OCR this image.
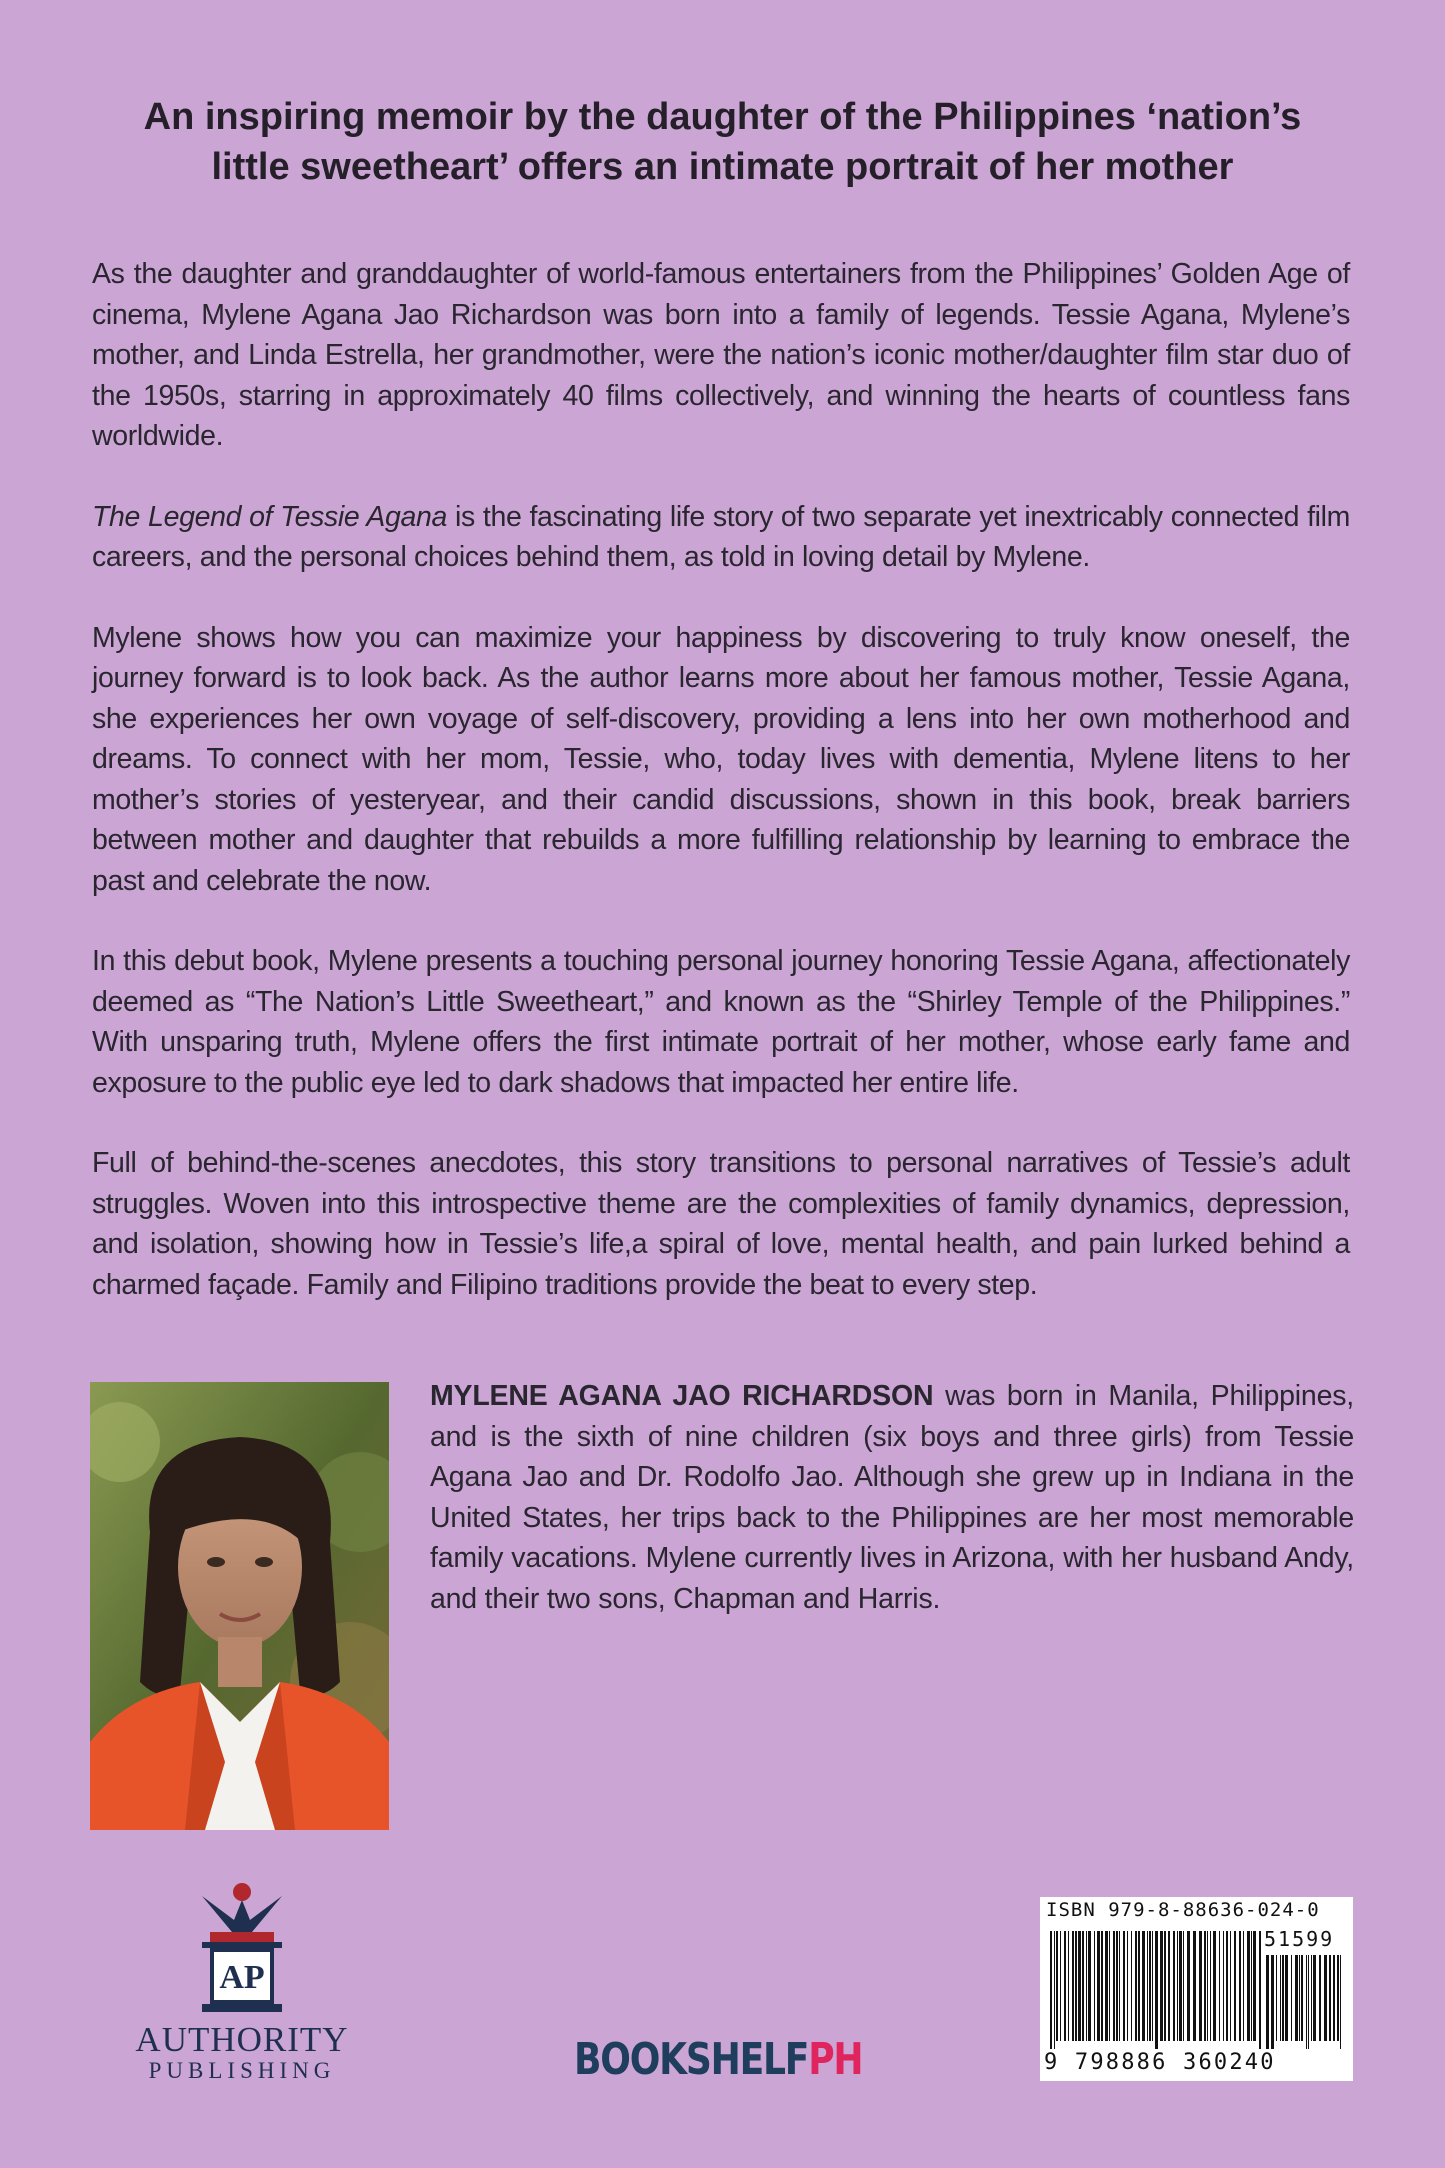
An inspiring memoir by the daughter of the Philippines ‘nation’s
little sweetheart’ offers an intimate portrait of her mother

As the daughter and granddaughter of world-famous entertainers from the Philippines’ Golden Age of cinema, Mylene Agana Jao Richardson was born into a family of legends. Tessie Agana, Mylene’s mother, and Linda Estrella, her grandmother, were the nation’s iconic mother/daughter film star duo of the 1950s, starring in approximately 40 films collectively, and winning the hearts of countless fans worldwide.

The Legend of Tessie Agana is the fascinating life story of two separate yet inextricably connected film careers, and the personal choices behind them, as told in loving detail by Mylene.

Mylene shows how you can maximize your happiness by discovering to truly know oneself, the journey forward is to look back. As the author learns more about her famous mother, Tessie Agana, she experiences her own voyage of self-discovery, providing a lens into her own motherhood and dreams. To connect with her mom, Tessie, who, today lives with dementia, Mylene litens to her mother’s stories of yesteryear, and their candid discussions, shown in this book, break barriers between mother and daughter that rebuilds a more fulfilling relationship by learning to embrace the past and celebrate the now.

In this debut book, Mylene presents a touching personal journey honoring Tessie Agana, affectionately deemed as “The Nation’s Little Sweetheart,” and known as the “Shirley Temple of the Philippines.” With unsparing truth, Mylene offers the first intimate portrait of her mother, whose early fame and exposure to the public eye led to dark shadows that impacted her entire life.

Full of behind-the-scenes anecdotes, this story transitions to personal narratives of Tessie’s adult struggles. Woven into this introspective theme are the complexities of family dynamics, depression, and isolation, showing how in Tessie’s life,a spiral of love, mental health, and pain lurked behind a charmed façade. Family and Filipino traditions provide the beat to every step.

MYLENE AGANA JAO RICHARDSON was born in Manila, Philippines, and is the sixth of nine children (six boys and three girls) from Tessie Agana Jao and Dr. Rodolfo Jao. Although she grew up in Indiana in the United States, her trips back to the Philippines are her most memorable family vacations. Mylene currently lives in Arizona, with her husband Andy, and their two sons, Chapman and Harris.
AP
AUTHORITY
PUBLISHING	BOOKSHELFPH
ISBN 979-8-88636-024-0
51599
9 798886 360240
